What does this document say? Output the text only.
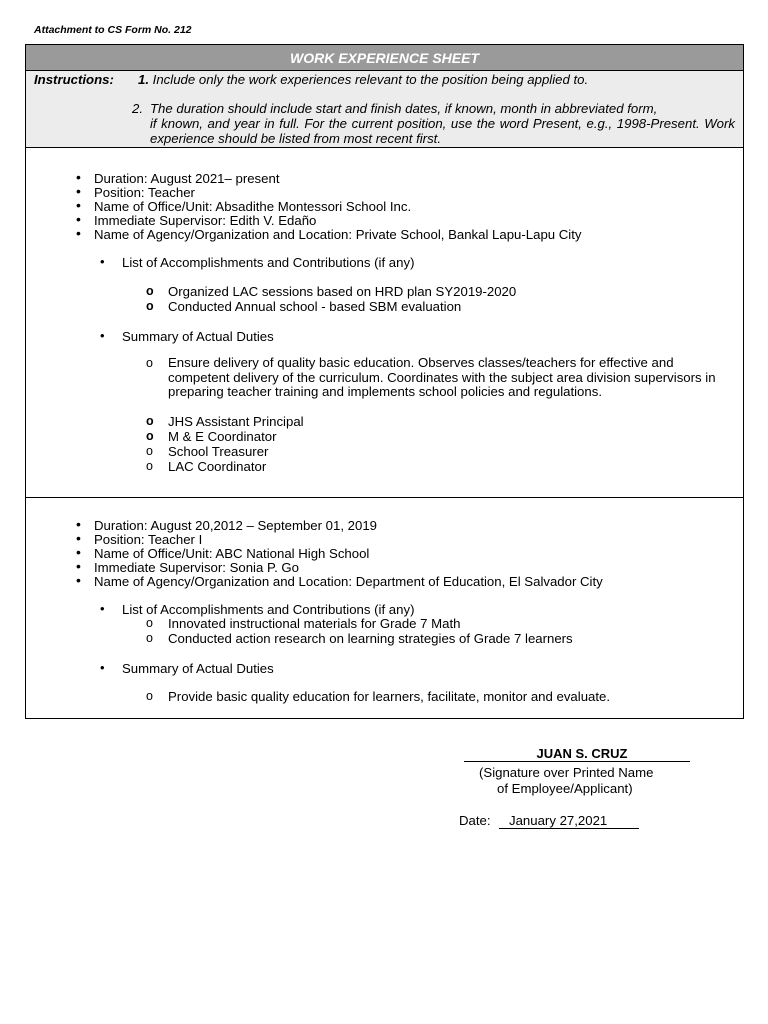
Attachment to CS Form No. 212
WORK EXPERIENCE SHEET
Instructions: 1. Include only the work experiences relevant to the position being applied to.
2. The duration should include start and finish dates, if known, month in abbreviated form,
if known, and year in full. For the current position, use the word Present, e.g., 1998-Present. Work experience should be listed from most recent first.
• Duration: August 2021– present
• Position: Teacher
• Name of Office/Unit: Absadithe Montessori School Inc.
• Immediate Supervisor: Edith V. Edaño
• Name of Agency/Organization and Location: Private School, Bankal Lapu-Lapu City
• List of Accomplishments and Contributions (if any)
o Organized LAC sessions based on HRD plan SY2019-2020
o Conducted Annual school - based SBM evaluation
• Summary of Actual Duties
o Ensure delivery of quality basic education. Observes classes/teachers for effective and competent delivery of the curriculum. Coordinates with the subject area division supervisors in preparing teacher training and implements school policies and regulations.
o JHS Assistant Principal
o M & E Coordinator
o School Treasurer
o LAC Coordinator
• Duration: August 20,2012 – September 01, 2019
• Position: Teacher I
• Name of Office/Unit: ABC National High School
• Immediate Supervisor: Sonia P. Go
• Name of Agency/Organization and Location: Department of Education, El Salvador City
• List of Accomplishments and Contributions (if any)
o Innovated instructional materials for Grade 7 Math
o Conducted action research on learning strategies of Grade 7 learners
• Summary of Actual Duties
o Provide basic quality education for learners, facilitate, monitor and evaluate.
JUAN S. CRUZ
(Signature over Printed Name
of Employee/Applicant)
Date:	January 27,2021
